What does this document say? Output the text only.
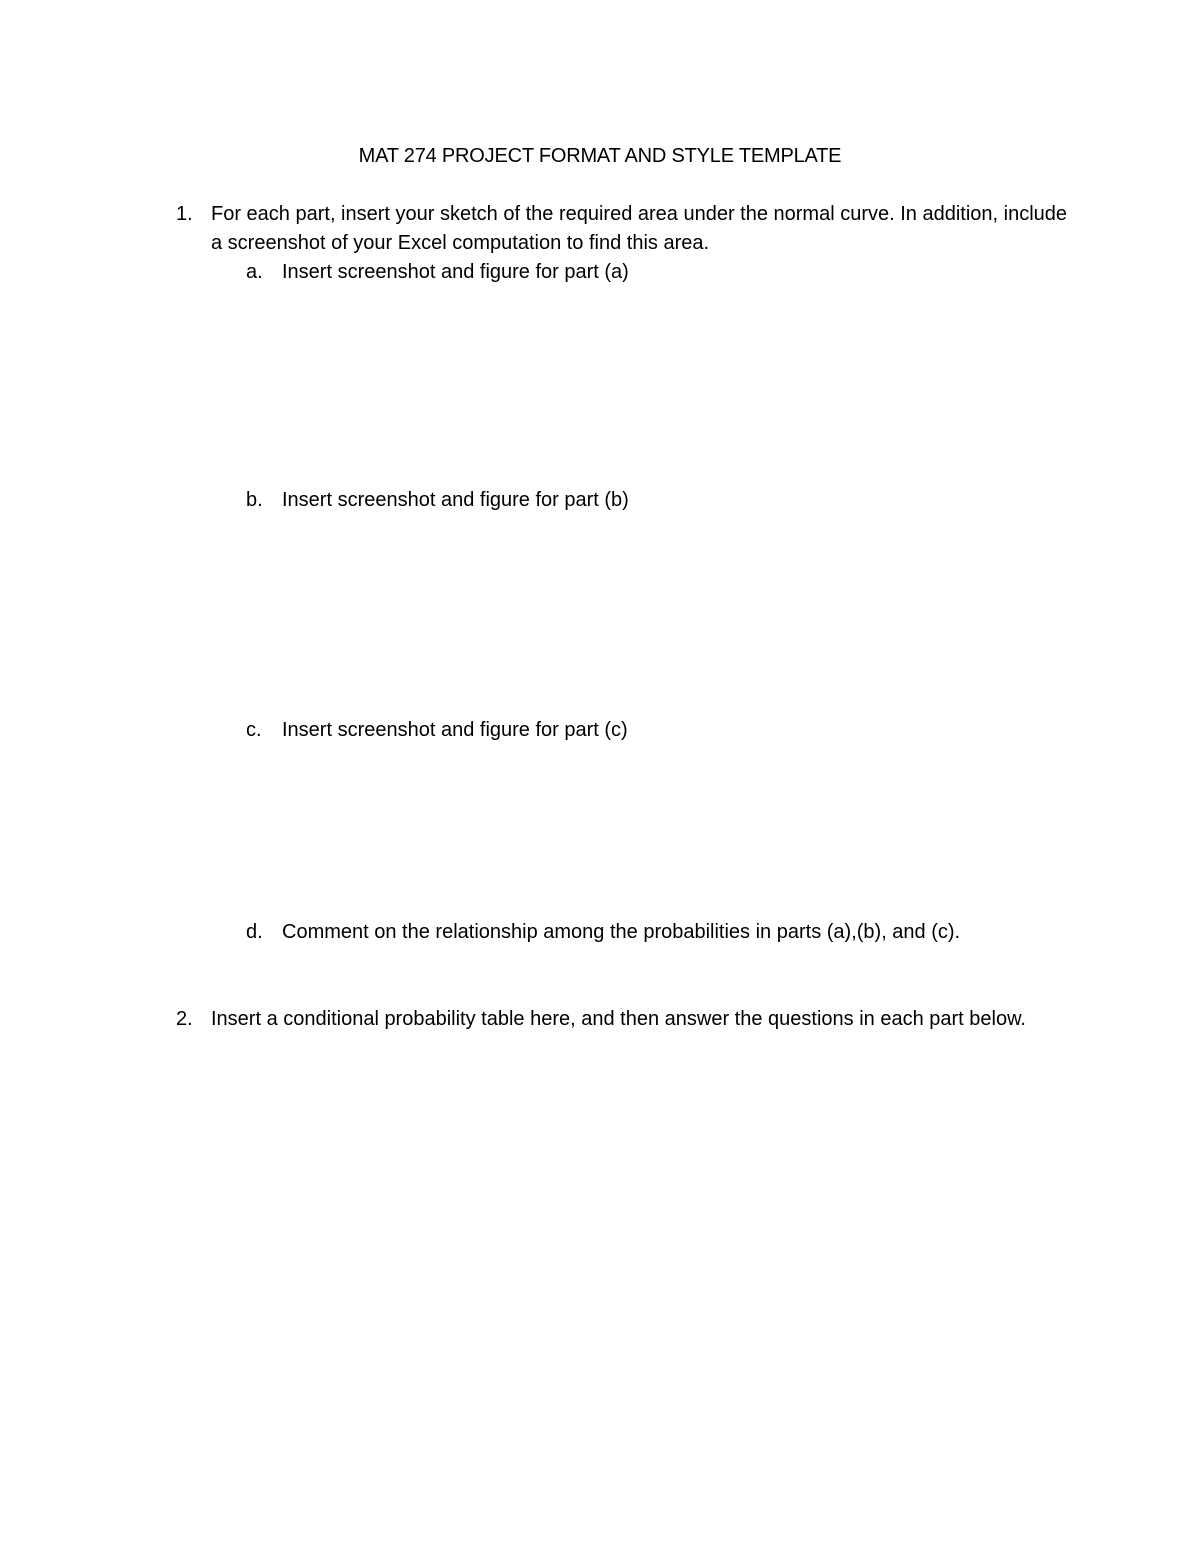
MAT 274 PROJECT FORMAT AND STYLE TEMPLATE
1. For each part, insert your sketch of the required area under the normal curve. In addition, include a screenshot of your Excel computation to find this area.
a. Insert screenshot and figure for part (a)
b. Insert screenshot and figure for part (b)
c. Insert screenshot and figure for part (c)
d. Comment on the relationship among the probabilities in parts (a),(b), and (c).
2. Insert a conditional probability table here, and then answer the questions in each part below.
